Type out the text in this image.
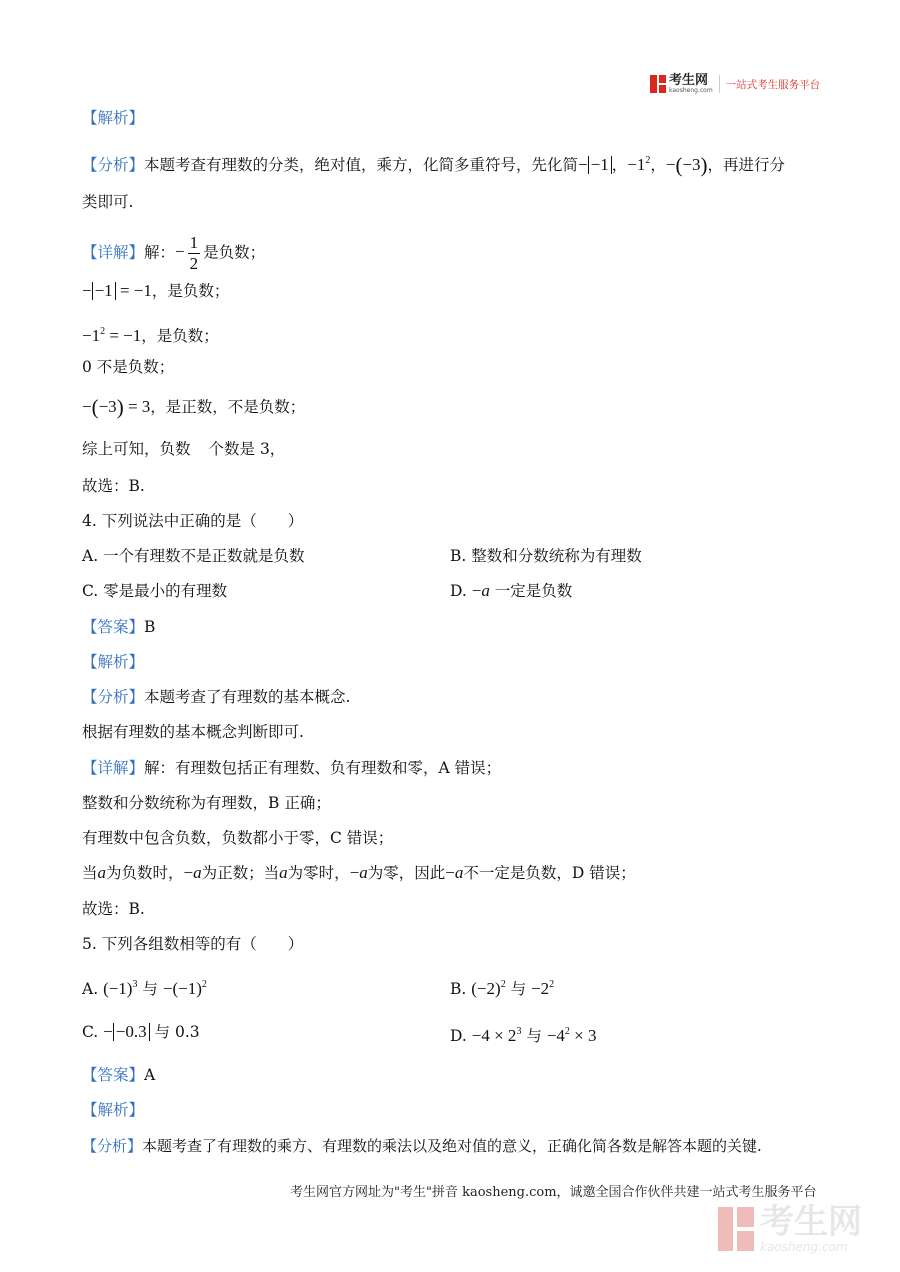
考生网
kaosheng.com 一站式考生服务平台
【解析】
【分析】本题考查有理数的分类，绝对值，乘方，化简多重符号，先化简− −1 ，$-1^2$，−(−3)，再进行分
类即可.
【详解】解：− $\frac{1}{2}$ 是负数；
− −1 = −1，是负数；
$-1^2 = -1$，是负数；
0 不是负数；
−(−3) = 3，是正数，不是负数；
综上可知，负数 个数是 3，
故选：B.
4. 下列说法中正确的是（　　）
A. 一个有理数不是正数就是负数	B. 整数和分数统称为有理数
C. 零是最小的有理数	D. −a 一定是负数
【答案】B
【解析】
【分析】本题考查了有理数的基本概念.
根据有理数的基本概念判断即可.
【详解】解：有理数包括正有理数、负有理数和零，A 错误；
整数和分数统称为有理数，B 正确；
有理数中包含负数，负数都小于零，C 错误；
当a为负数时，−a为正数；当a为零时，−a为零，因此−a不一定是负数，D 错误；
故选：B.
5. 下列各组数相等的有（　　）
A. $(-1)^3$ 与 $-(-1)^2$	B. $(-2)^2$ 与 $-2^2$
C. − −0.3 与 0.3	D. $-4 \times 2^3$ 与 $-4^2 \times 3$
【答案】A
【解析】
【分析】本题考查了有理数的乘方、有理数的乘法以及绝对值的意义，正确化简各数是解答本题的关键.
考生网官方网址为"考生"拼音 kaosheng.com，诚邀全国合作伙伴共建一站式考生服务平台
考生网
kaosheng.com
